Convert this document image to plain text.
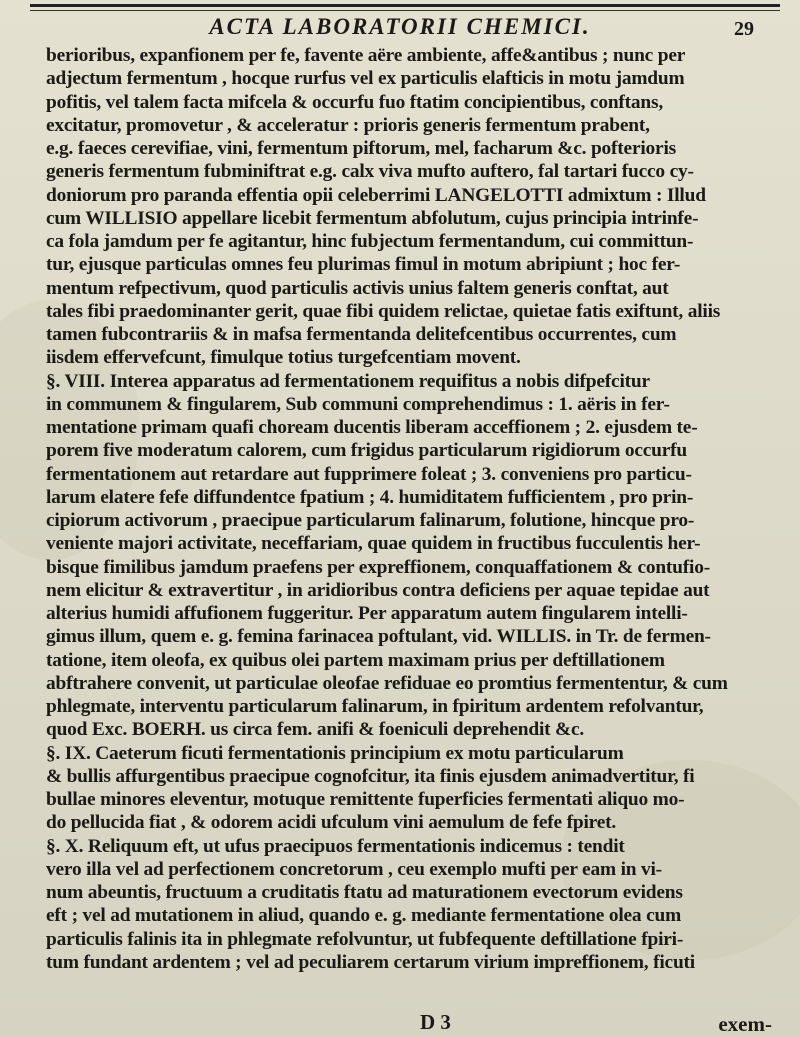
ACTA LABORATORII CHEMICI.	29
berioribus, expanfionem per fe, favente aëre ambiente, affe&antibus ; nunc per
adjectum fermentum , hocque rurfus vel ex particulis elafticis in motu jamdum
pofitis, vel talem facta mifcela & occurfu fuo ftatim concipientibus, conftans,
excitatur, promovetur , & acceleratur : prioris generis fermentum prabent,
e.g. faeces cerevifiae, vini, fermentum piftorum, mel, facharum &c. pofterioris
generis fermentum fubminiftrat e.g. calx viva mufto auftero, fal tartari fucco cy-
doniorum pro paranda effentia opii celeberrimi LANGELOTTI admixtum : Illud
cum WILLISIO appellare licebit fermentum abfolutum, cujus principia intrinfe-
ca fola jamdum per fe agitantur, hinc fubjectum fermentandum, cui committun-
tur, ejusque particulas omnes feu plurimas fimul in motum abripiunt ; hoc fer-
mentum refpectivum, quod particulis activis unius faltem generis conftat, aut
tales fibi praedominanter gerit, quae fibi quidem relictae, quietae fatis exiftunt, aliis
tamen fubcontrariis & in mafsa fermentanda delitefcentibus occurrentes, cum
iisdem effervefcunt, fimulque totius turgefcentiam movent.
§. VIII. Interea apparatus ad fermentationem requifitus a nobis difpefcitur
in communem & fingularem, Sub communi comprehendimus : 1. aëris in fer-
mentatione primam quafi choream ducentis liberam acceffionem ; 2. ejusdem te-
porem five moderatum calorem, cum frigidus particularum rigidiorum occurfu
fermentationem aut retardare aut fupprimere foleat ; 3. conveniens pro particu-
larum elatere fefe diffundentce fpatium ; 4. humiditatem fufficientem , pro prin-
cipiorum activorum , praecipue particularum falinarum, folutione, hincque pro-
veniente majori activitate, neceffariam, quae quidem in fructibus fucculentis her-
bisque fimilibus jamdum praefens per expreffionem, conquaffationem & contufio-
nem elicitur & extravertitur , in aridioribus contra deficiens per aquae tepidae aut
alterius humidi affufionem fuggeritur. Per apparatum autem fingularem intelli-
gimus illum, quem e. g. femina farinacea poftulant, vid. WILLIS. in Tr. de fermen-
tatione, item oleofa, ex quibus olei partem maximam prius per deftillationem
abftrahere convenit, ut particulae oleofae refiduae eo promtius fermententur, & cum
phlegmate, interventu particularum falinarum, in fpiritum ardentem refolvantur,
quod Exc. BOERH. us circa fem. anifi & foeniculi deprehendit &c.
§. IX. Caeterum ficuti fermentationis principium ex motu particularum
& bullis affurgentibus praecipue cognofcitur, ita finis ejusdem animadvertitur, fi
bullae minores eleventur, motuque remittente fuperficies fermentati aliquo mo-
do pellucida fiat , & odorem acidi ufculum vini aemulum de fefe fpiret.
§. X. Reliquum eft, ut ufus praecipuos fermentationis indicemus : tendit
vero illa vel ad perfectionem concretorum , ceu exemplo mufti per eam in vi-
num abeuntis, fructuum a cruditatis ftatu ad maturationem evectorum evidens
eft ; vel ad mutationem in aliud, quando e. g. mediante fermentatione olea cum
particulis falinis ita in phlegmate refolvuntur, ut fubfequente deftillatione fpiri-
tum fundant ardentem ; vel ad peculiarem certarum virium impreffionem, ficuti
D 3	exem-
